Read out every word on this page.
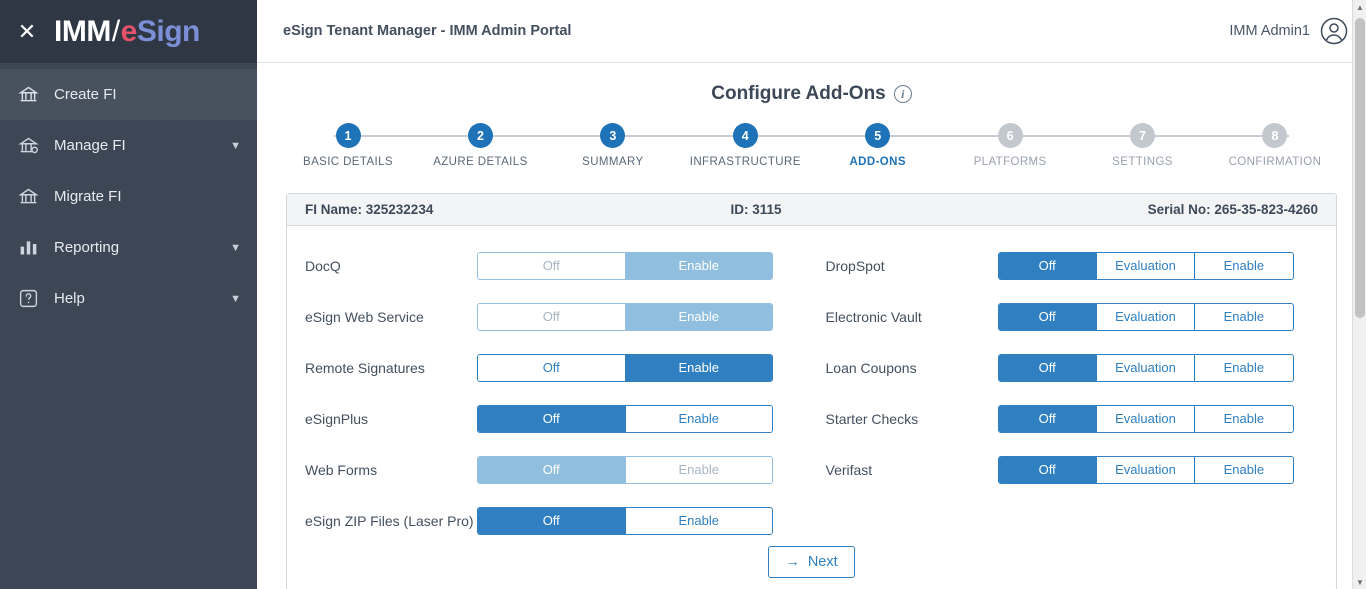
✕ IMM / e Sign
Create FI
Manage FI	▼
Migrate FI
Reporting	▼
Help	▼
eSign Tenant Manager - IMM Admin Portal	IMM Admin1
Configure Add-Ons	i
1
BASIC DETAILS
2
AZURE DETAILS
3
SUMMARY
4
INFRASTRUCTURE
5
ADD-ONS
6
PLATFORMS
7
SETTINGS
8
CONFIRMATION
FI Name: 325232234	ID: 3115	Serial No: 265-35-823-4260
DocQ	Off	Enable
eSign Web Service	Off	Enable
Remote Signatures	Off	Enable
eSignPlus	Off	Enable
Web Forms	Off	Enable
eSign ZIP Files (Laser Pro)	Off	Enable
DropSpot	Off	Evaluation	Enable
Electronic Vault	Off	Evaluation	Enable
Loan Coupons	Off	Evaluation	Enable
Starter Checks	Off	Evaluation	Enable
Verifast	Off	Evaluation	Enable
→ Next
▲
▼
